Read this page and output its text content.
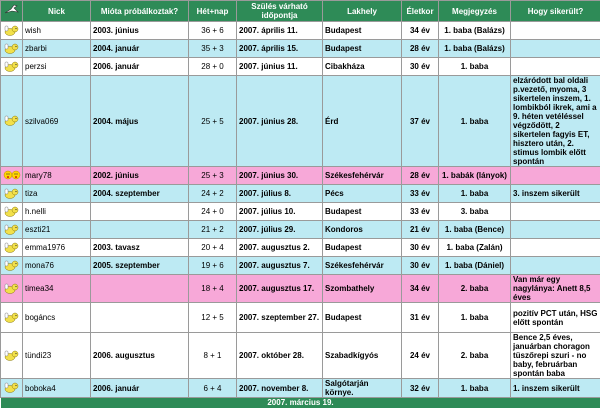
	Nick	Mióta próbálkoztak?	Hét+nap	Szülés várható időpontja	Lakhely	Életkor	Megjegyzés	Hogy sikerült?

	wish	2003. június	36 + 6	2007. április 11.	Budapest	34 év	1. baba (Balázs)	

	zbarbi	2004. január	35 + 3	2007. április 15.	Budapest	28 év	1. baba (Balázs)	

	perzsi	2006. január	28 + 0	2007. június 11.	Cibakháza	30 év	1. baba	

	szilva069	2004. május	25 + 5	2007. június 28.	Érd	37 év	1. baba	elzáródott bal oldali p.vezető, myoma, 3 sikertelen inszem, 1. lombikból ikrek, ami a 9. héten vetéléssel végződött, 2 sikertelen fagyis ET, hisztero után, 2. stimus lombik előtt spontán

	mary78	2002. június	25 + 3	2007. június 30.	Székesfehérvár	28 év	1. babák (lányok)	

	tiza	2004. szeptember	24 + 2	2007. július 8.	Pécs	33 év	1. baba	3. inszem sikerült

	h.nelli		24 + 0	2007. július 10.	Budapest	33 év	3. baba	

	eszti21		21 + 2	2007. július 29.	Kondoros	21 év	1. baba (Bence)	

	emma1976	2003. tavasz	20 + 4	2007. augusztus 2.	Budapest	30 év	1. baba (Zalán)	

	mona76	2005. szeptember	19 + 6	2007. augusztus 7.	Székesfehérvár	30 év	1. baba (Dániel)	

	timea34		18 + 4	2007. augusztus 17.	Szombathely	34 év	2. baba	Van már egy nagylánya: Anett 8,5 éves

	bogáncs		12 + 5	2007. szeptember 27.	Budapest	31 év	1. baba	pozitív PCT után, HSG előtt spontán

	tündi23	2006. augusztus	8 + 1	2007. október 28.	Szabadkígyós	24 év	2. baba	Bence 2,5 éves, januárban choragon tüszőrepi szuri - no baby, februárban spontán baba

	boboka4	2006. január	6 + 4	2007. november 8.	Salgótarján környe.	32 év	1. baba	1. inszem sikerült
2007. március 19.								
